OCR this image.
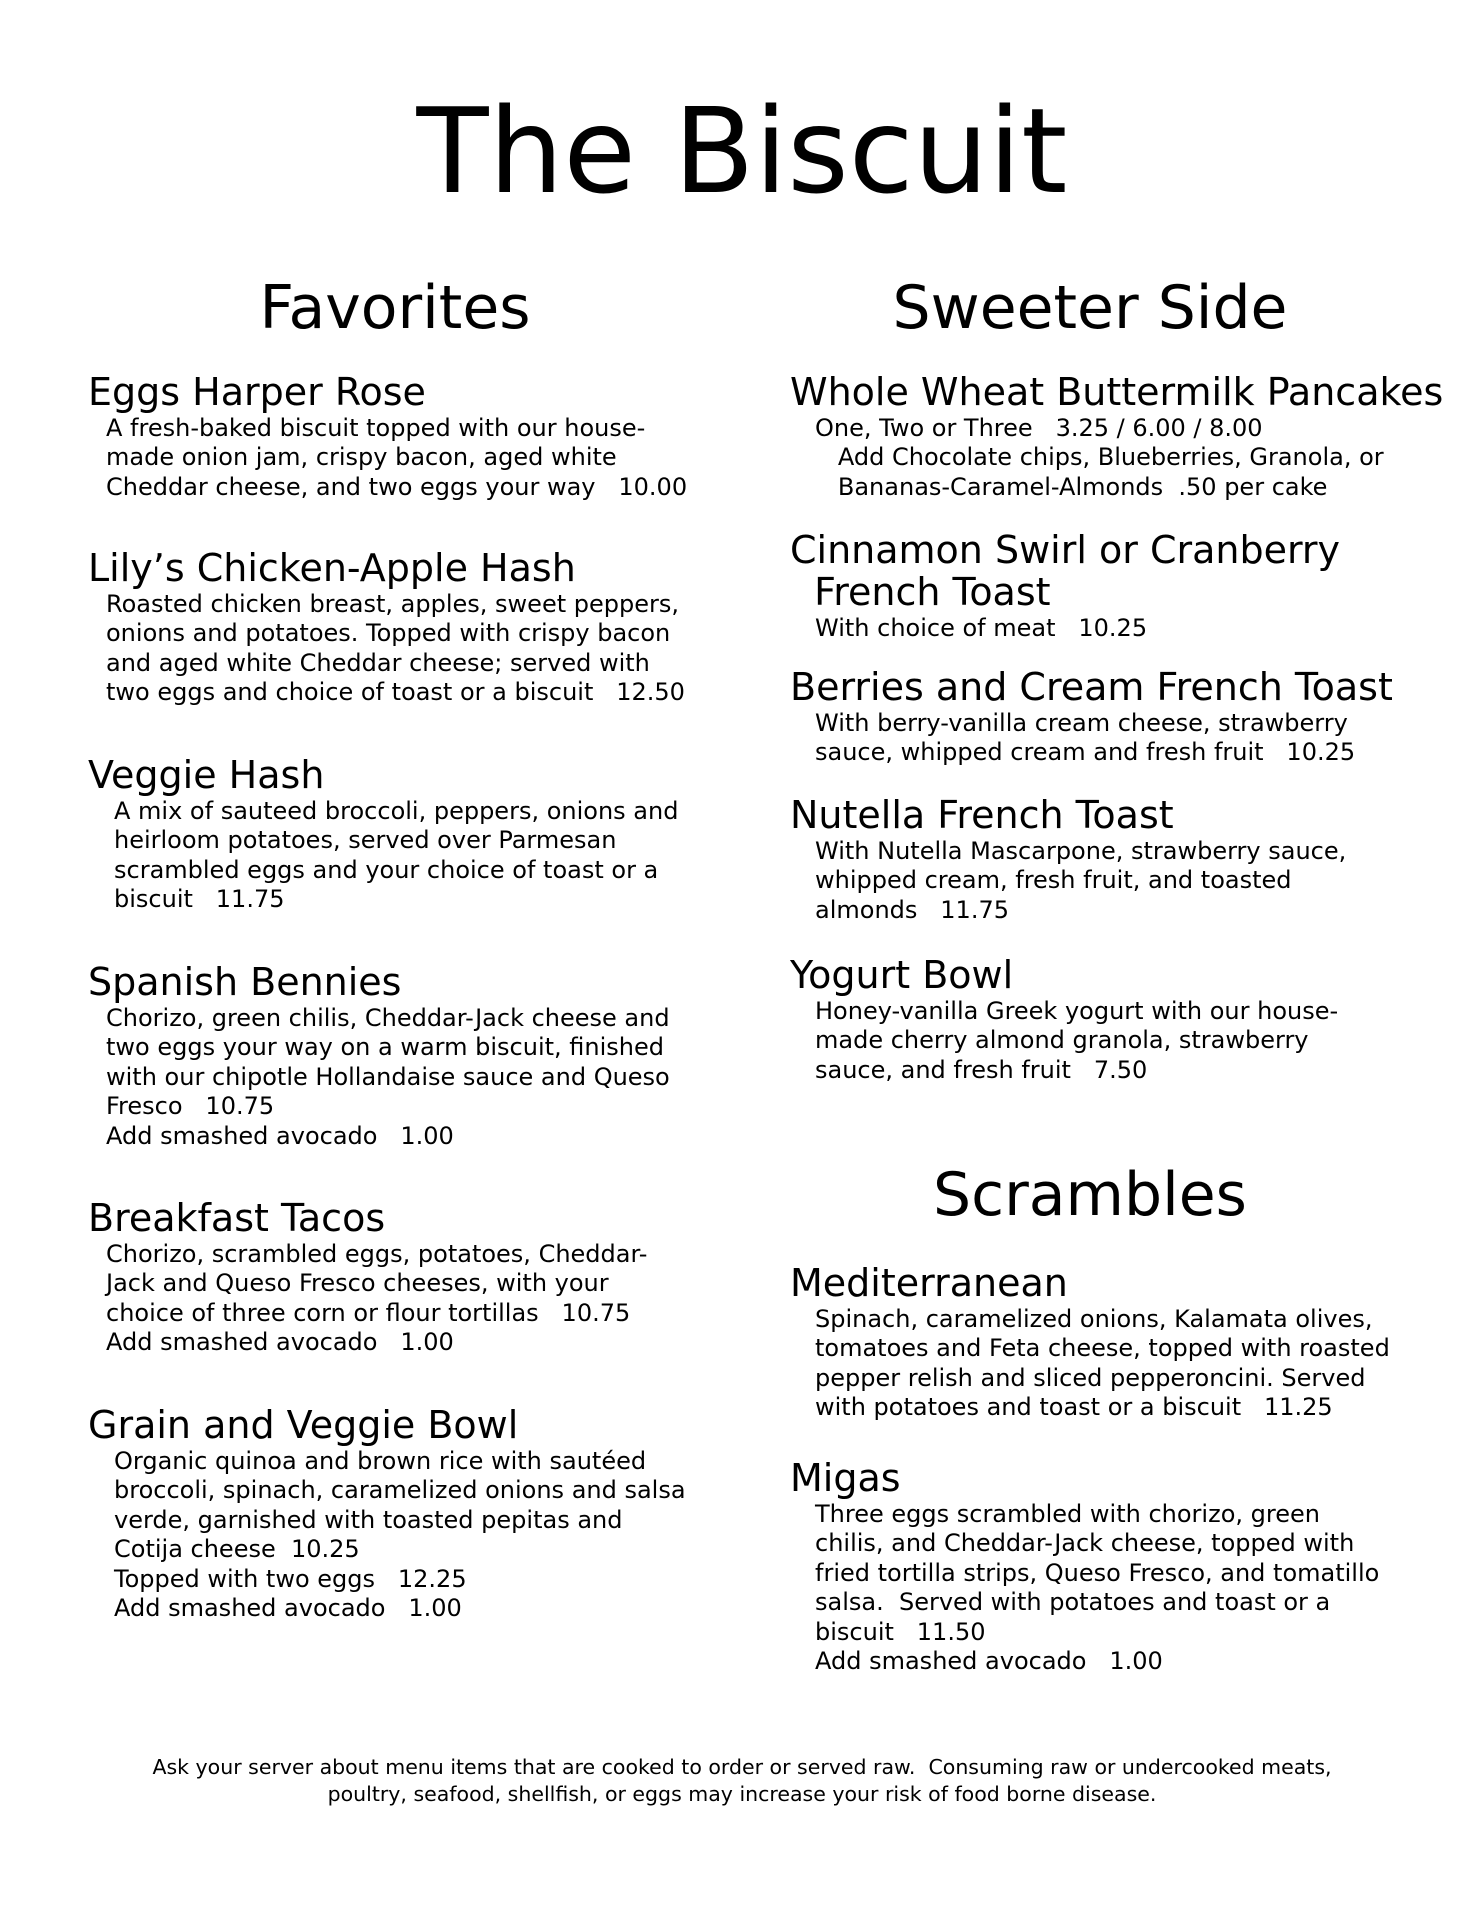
The Biscuit
Favorites	Sweeter Side
Scrambles
Eggs Harper Rose
A fresh-baked biscuit topped with our house-
made onion jam, crispy bacon, aged white
Cheddar cheese, and two eggs your way   10.00
Lily’s Chicken-Apple Hash
Roasted chicken breast, apples, sweet peppers,
onions and potatoes. Topped with crispy bacon
and aged white Cheddar cheese; served with
two eggs and choice of toast or a biscuit   12.50
Veggie Hash
A mix of sauteed broccoli, peppers, onions and
heirloom potatoes, served over Parmesan
scrambled eggs and your choice of toast or a
biscuit   11.75
Spanish Bennies
Chorizo, green chilis, Cheddar-Jack cheese and
two eggs your way on a warm biscuit, finished
with our chipotle Hollandaise sauce and Queso
Fresco   10.75
Add smashed avocado   1.00
Breakfast Tacos
Chorizo, scrambled eggs, potatoes, Cheddar-
Jack and Queso Fresco cheeses, with your
choice of three corn or flour tortillas   10.75
Add smashed avocado   1.00
Grain and Veggie Bowl
Organic quinoa and brown rice with sautéed
broccoli, spinach, caramelized onions and salsa
verde, garnished with toasted pepitas and
Cotija cheese  10.25
Topped with two eggs   12.25
Add smashed avocado   1.00
Whole Wheat Buttermilk Pancakes
One, Two or Three   3.25 / 6.00 / 8.00
Add Chocolate chips, Blueberries, Granola, or
Bananas-Caramel-Almonds  .50 per cake
Cinnamon Swirl or Cranberry
French Toast
With choice of meat   10.25
Berries and Cream French Toast
With berry-vanilla cream cheese, strawberry
sauce, whipped cream and fresh fruit   10.25
Nutella French Toast
With Nutella Mascarpone, strawberry sauce,
whipped cream, fresh fruit, and toasted
almonds   11.75
Yogurt Bowl
Honey-vanilla Greek yogurt with our house-
made cherry almond granola, strawberry
sauce, and fresh fruit   7.50
Mediterranean
Spinach, caramelized onions, Kalamata olives,
tomatoes and Feta cheese, topped with roasted
pepper relish and sliced pepperoncini. Served
with potatoes and toast or a biscuit   11.25
Migas
Three eggs scrambled with chorizo, green
chilis, and Cheddar-Jack cheese, topped with
fried tortilla strips, Queso Fresco, and tomatillo
salsa.  Served with potatoes and toast or a
biscuit   11.50
Add smashed avocado   1.00
Ask your server about menu items that are cooked to order or served raw.  Consuming raw or undercooked meats,
poultry, seafood, shellfish, or eggs may increase your risk of food borne disease.
